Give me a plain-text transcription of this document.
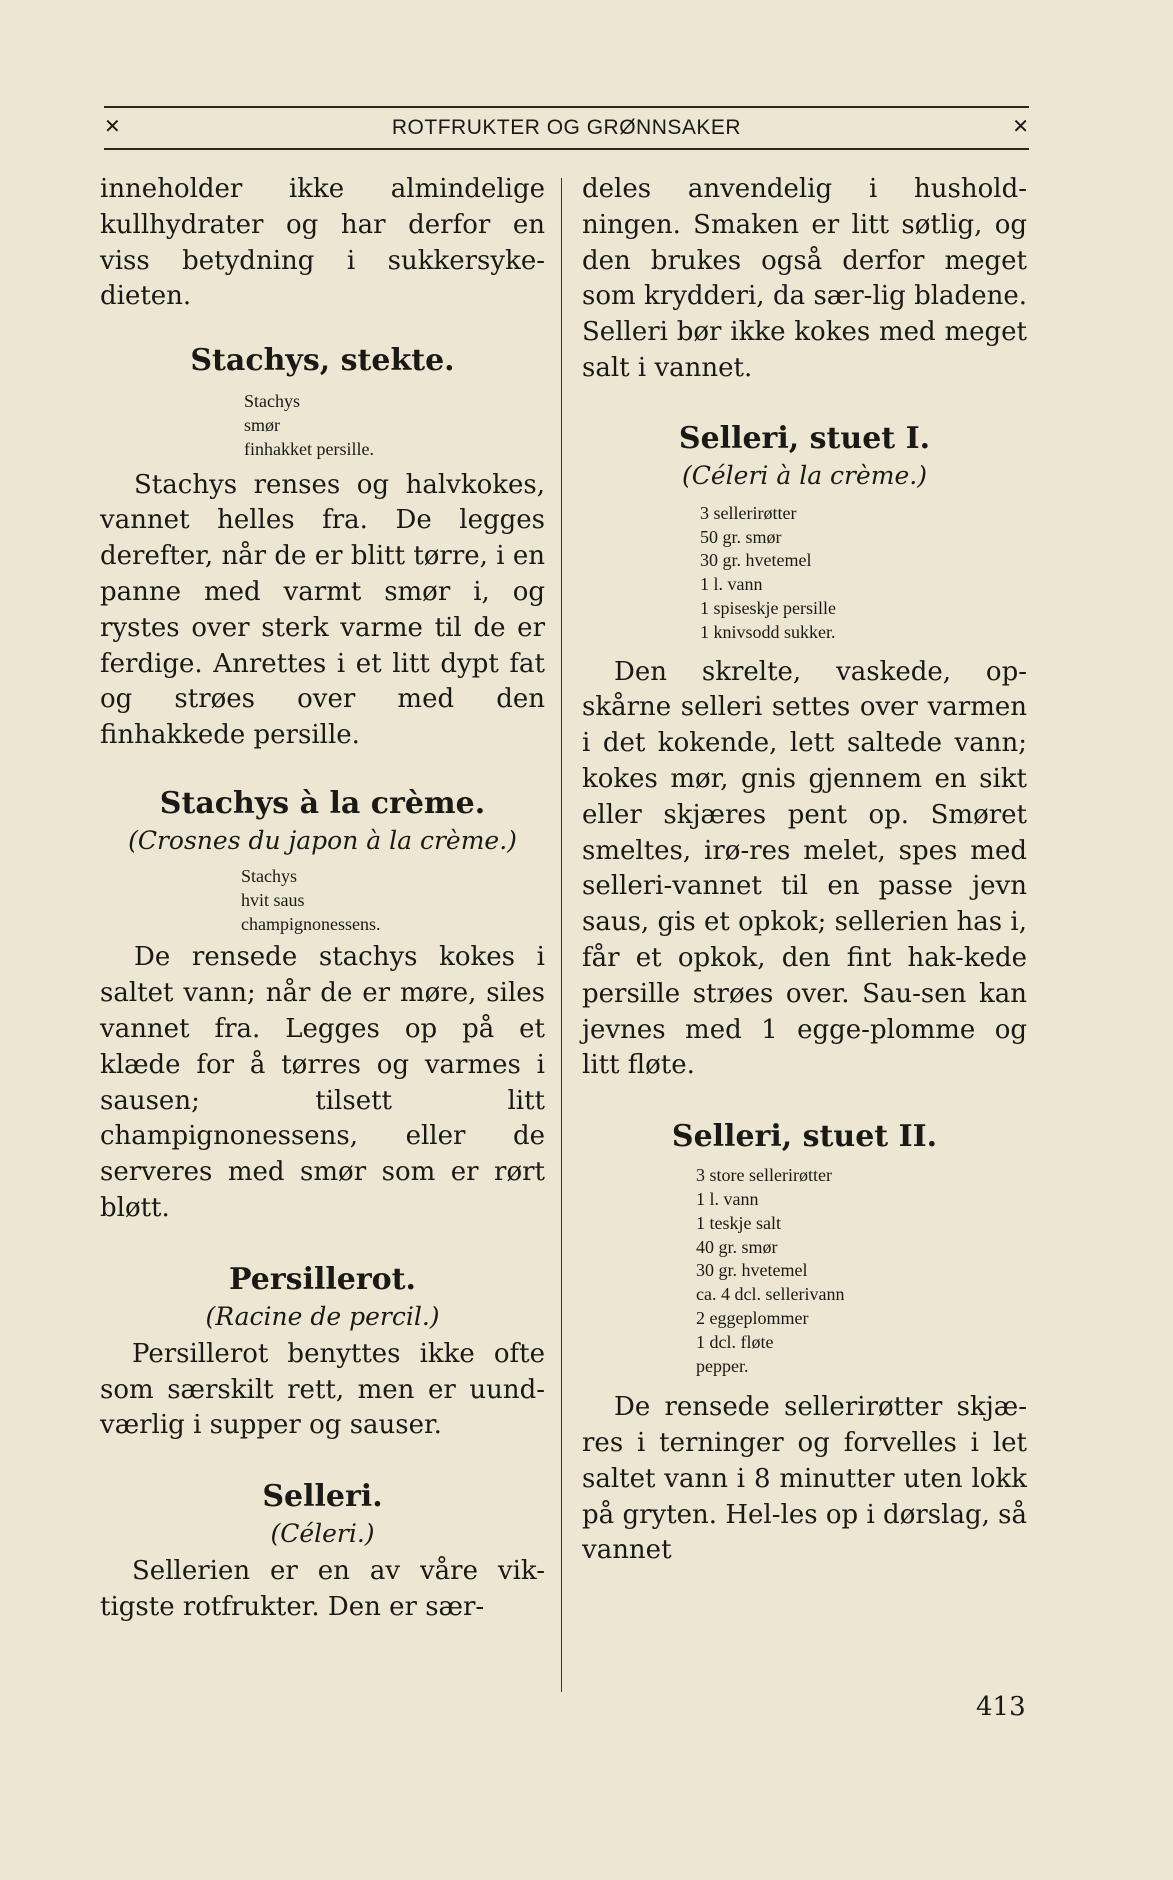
✕	ROTFRUKTER OG GRØNNSAKER	✕

inneholder ikke almindelige kullhydrater og har derfor en viss betydning i sukkersyke-dieten.

Stachys, stekte.
Stachys
smør
finhakket persille.

Stachys renses og halvkokes, vannet helles fra. De legges derefter, når de er blitt tørre, i en panne med varmt smør i, og rystes over sterk varme til de er ferdige. Anrettes i et litt dypt fat og strøes over med den finhakkede persille.

Stachys à la crème.
(Crosnes du japon à la crème.)
Stachys
hvit saus
champignonessens.

De rensede stachys kokes i saltet vann; når de er møre, siles vannet fra. Legges op på et klæde for å tørres og varmes i sausen; tilsett litt champignonessens, eller de serveres med smør som er rørt bløtt.

Persillerot.
(Racine de percil.)

Persillerot benyttes ikke ofte som særskilt rett, men er uund-værlig i supper og sauser.

Selleri.
(Céleri.)

Sellerien er en av våre vik-tigste rotfrukter. Den er sær-

deles anvendelig i hushold-ningen. Smaken er litt søtlig, og den brukes også derfor meget som krydderi, da sær-lig bladene. Selleri bør ikke kokes med meget salt i vannet.

Selleri, stuet I.
(Céleri à la crème.)
3 sellerirøtter
50 gr. smør
30 gr. hvetemel
1 l. vann
1 spiseskje persille
1 knivsodd sukker.

Den skrelte, vaskede, op-skårne selleri settes over varmen i det kokende, lett saltede vann; kokes mør, gnis gjennem en sikt eller skjæres pent op. Smøret smeltes, irø-res melet, spes med selleri-vannet til en passe jevn saus, gis et opkok; sellerien has i, får et opkok, den fint hak-kede persille strøes over. Sau-sen kan jevnes med 1 egge-plomme og litt fløte.

Selleri, stuet II.
3 store sellerirøtter
1 l. vann
1 teskje salt
40 gr. smør
30 gr. hvetemel
ca. 4 dcl. sellerivann
2 eggeplommer
1 dcl. fløte
pepper.

De rensede sellerirøtter skjæ-res i terninger og forvelles i let saltet vann i 8 minutter uten lokk på gryten. Hel-les op i dørslag, så vannet

413
